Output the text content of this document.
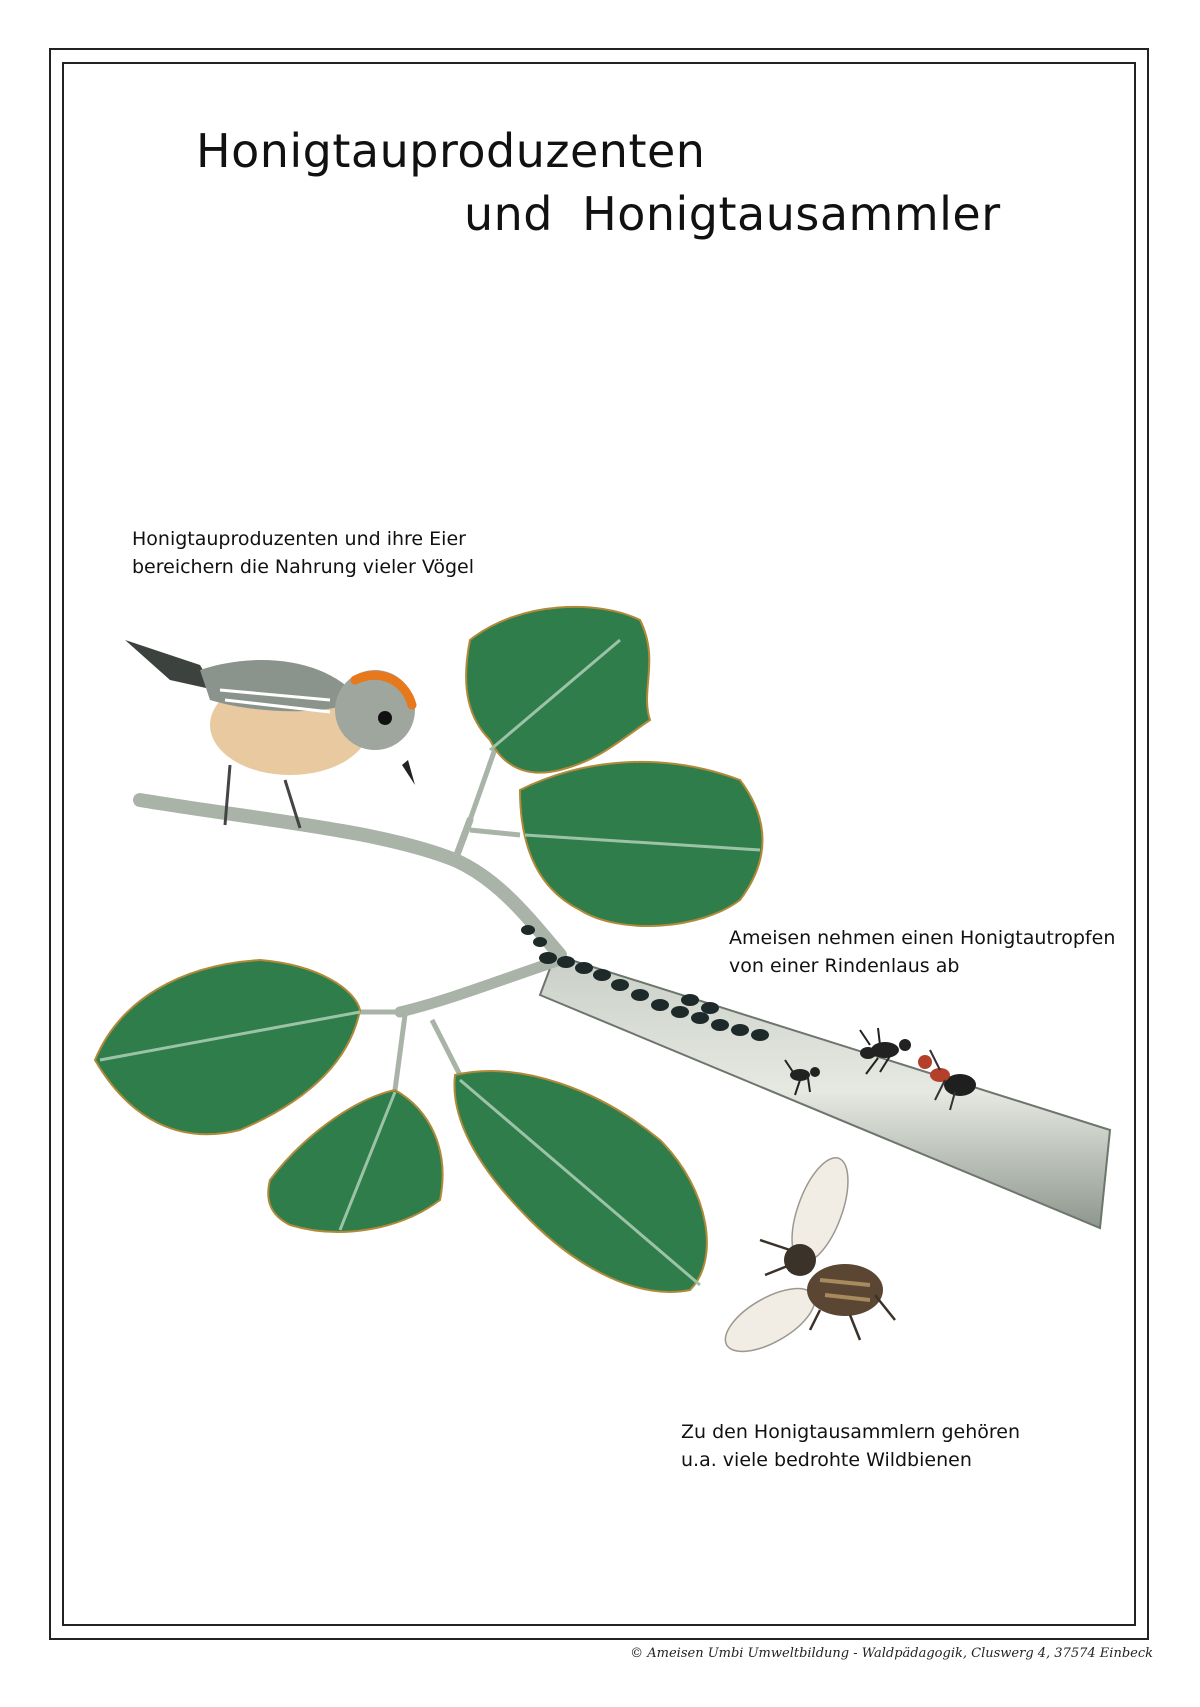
Honigtauproduzenten
und Honigtausammler
Honigtauproduzenten und ihre Eier
bereichern die Nahrung vieler Vögel
Ameisen nehmen einen Honigtautropfen
von einer Rindenlaus ab
Zu den Honigtausammlern gehören
u.a. viele bedrohte Wildbienen
© Ameisen Umbi Umweltbildung - Waldpädagogik, Cluswerg 4, 37574 Einbeck
